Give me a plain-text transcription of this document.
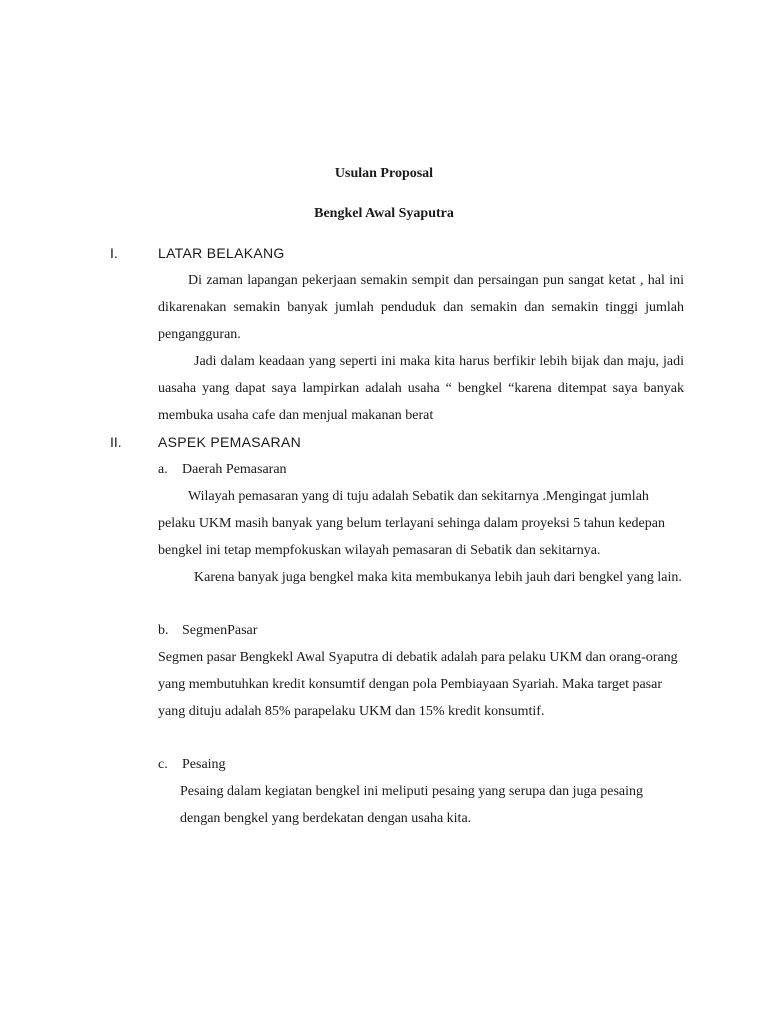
Usulan Proposal
Bengkel Awal Syaputra
I.	LATAR BELAKANG

Di zaman lapangan pekerjaan semakin sempit dan persaingan pun sangat ketat , hal ini dikarenakan semakin banyak jumlah penduduk dan semakin dan semakin tinggi jumlah pengangguran.

Jadi dalam keadaan yang seperti ini maka kita harus berfikir lebih bijak dan maju, jadi uasaha yang dapat saya lampirkan adalah usaha “ bengkel “karena ditempat saya banyak membuka usaha cafe dan menjual makanan berat

II.	ASPEK PEMASARAN
a. Daerah Pemasaran

Wilayah pemasaran yang di tuju adalah Sebatik dan sekitarnya .Mengingat jumlah pelaku UKM masih banyak yang belum terlayani sehinga dalam proyeksi 5 tahun kedepan bengkel ini tetap mempfokuskan wilayah pemasaran di Sebatik dan sekitarnya.

Karena banyak juga bengkel maka kita membukanya lebih jauh dari bengkel yang lain.

b. SegmenPasar

Segmen pasar Bengkekl Awal Syaputra di debatik adalah para pelaku UKM dan orang-orang yang membutuhkan kredit konsumtif dengan pola Pembiayaan Syariah. Maka target pasar yang dituju adalah 85% parapelaku UKM dan 15% kredit konsumtif.

c. Pesaing

Pesaing dalam kegiatan bengkel ini meliputi pesaing yang serupa dan juga pesaing dengan bengkel yang berdekatan dengan usaha kita.
